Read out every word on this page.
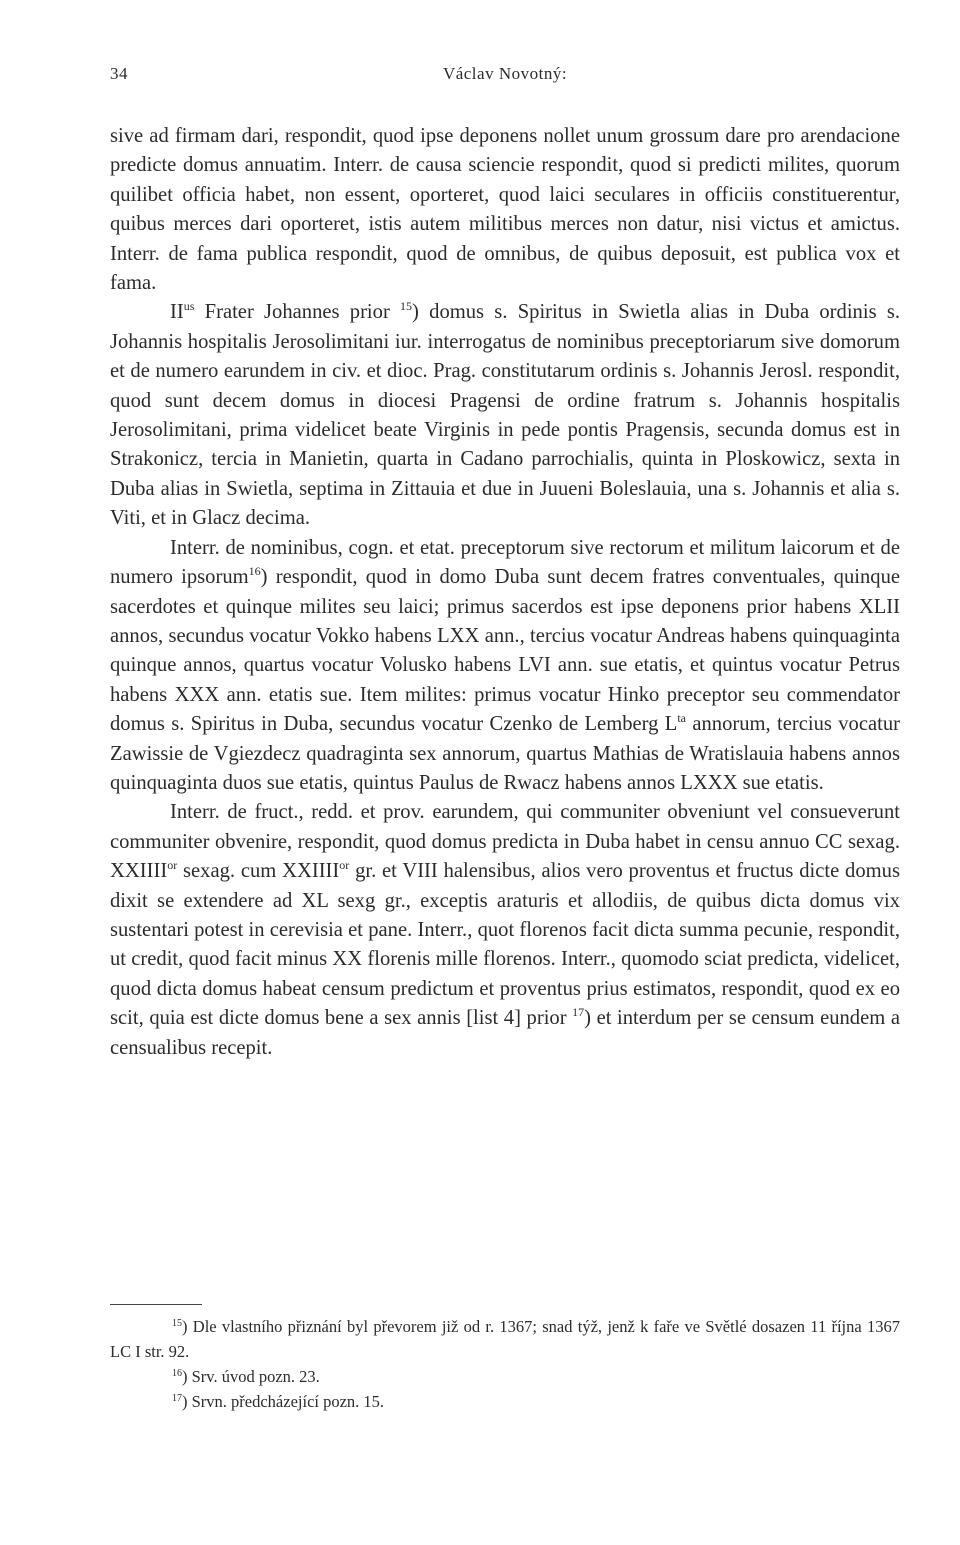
34	Václav Novotný:

sive ad firmam dari, respondit, quod ipse deponens nollet unum grossum dare pro arendacione predicte domus annuatim. Interr. de causa sciencie respondit, quod si predicti milites, quorum quilibet officia habet, non essent, oporteret, quod laici seculares in officiis constituerentur, quibus merces dari oporteret, istis autem militibus merces non datur, nisi victus et amictus. Interr. de fama publica respondit, quod de omnibus, de quibus deposuit, est publica vox et fama.

$II^{us}$ Frater Johannes prior $^{15}$) domus s. Spiritus in Swietla alias in Duba ordinis s. Johannis hospitalis Jerosolimitani iur. interrogatus de nominibus preceptoriarum sive domorum et de numero earundem in civ. et dioc. Prag. constitutarum ordinis s. Johannis Jerosl. respondit, quod sunt decem domus in diocesi Pragensi de ordine fratrum s. Johannis hospitalis Jerosolimitani, prima videlicet beate Virginis in pede pontis Pragensis, secunda domus est in Strakonicz, tercia in Manietin, quarta in Cadano parrochialis, quinta in Ploskowicz, sexta in Duba alias in Swietla, septima in Zittauia et due in Juueni Boleslauia, una s. Johannis et alia s. Viti, et in Glacz decima.

Interr. de nominibus, cogn. et etat. preceptorum sive rectorum et militum laicorum et de numero ipsorum$^{16}$) respondit, quod in domo Duba sunt decem fratres conventuales, quinque sacerdotes et quinque milites seu laici; primus sacerdos est ipse deponens prior habens XLII annos, secundus vocatur Vokko habens LXX ann., tercius vocatur Andreas habens quinquaginta quinque annos, quartus vocatur Volusko habens LVI ann. sue etatis, et quintus vocatur Petrus habens XXX ann. etatis sue. Item milites: primus vocatur Hinko preceptor seu commendator domus s. Spiritus in Duba, secundus vocatur Czenko de Lemberg $L^{ta}$ annorum, tercius vocatur Zawissie de Vgiezdecz quadraginta sex annorum, quartus Mathias de Wratislauia habens annos quinquaginta duos sue etatis, quintus Paulus de Rwacz habens annos LXXX sue etatis.

Interr. de fruct., redd. et prov. earundem, qui communiter obveniunt vel consueverunt communiter obvenire, respondit, quod domus predicta in Duba habet in censu annuo CC sexag. $XXIIII^{or}$ sexag. cum $XXIIII^{or}$ gr. et VIII halensibus, alios vero proventus et fructus dicte domus dixit se extendere ad XL sexg gr., exceptis araturis et allodiis, de quibus dicta domus vix sustentari potest in cerevisia et pane. Interr., quot florenos facit dicta summa pecunie, respondit, ut credit, quod facit minus XX florenis mille florenos. Interr., quomodo sciat predicta, videlicet, quod dicta domus habeat censum predictum et proventus prius estimatos, respondit, quod ex eo scit, quia est dicte domus bene a sex annis [list 4] prior $^{17}$) et interdum per se censum eundem a censualibus recepit.

$^{15}$) Dle vlastního přiznání byl převorem již od r. 1367; snad týž, jenž k faře ve Světlé dosazen 11 října 1367 LC I str. 92.

$^{16}$) Srv. úvod pozn. 23.

$^{17}$) Srvn. předcházející pozn. 15.
